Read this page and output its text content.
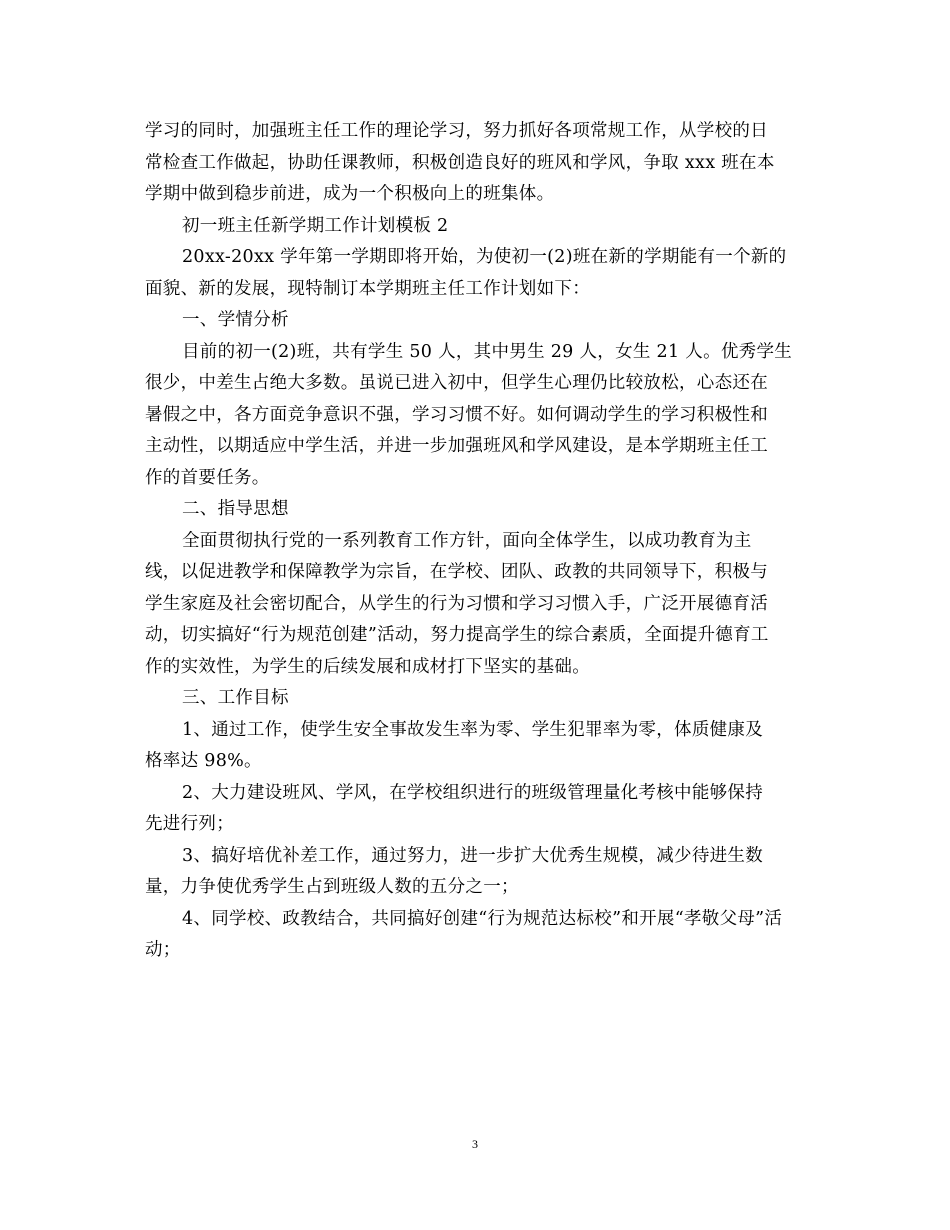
学习的同时，加强班主任工作的理论学习，努力抓好各项常规工作，从学校的日
常检查工作做起，协助任课教师，积极创造良好的班风和学风，争取 xxx 班在本
学期中做到稳步前进，成为一个积极向上的班集体。
初一班主任新学期工作计划模板 2
20xx-20xx 学年第一学期即将开始，为使初一(2)班在新的学期能有一个新的
面貌、新的发展，现特制订本学期班主任工作计划如下：
一、学情分析
目前的初一(2)班，共有学生 50 人，其中男生 29 人，女生 21 人。优秀学生
很少，中差生占绝大多数。虽说已进入初中，但学生心理仍比较放松，心态还在
暑假之中，各方面竞争意识不强，学习习惯不好。如何调动学生的学习积极性和
主动性，以期适应中学生活，并进一步加强班风和学风建设，是本学期班主任工
作的首要任务。
二、指导思想
全面贯彻执行党的一系列教育工作方针，面向全体学生，以成功教育为主
线，以促进教学和保障教学为宗旨，在学校、团队、政教的共同领导下，积极与
学生家庭及社会密切配合，从学生的行为习惯和学习习惯入手，广泛开展德育活
动，切实搞好“行为规范创建”活动，努力提高学生的综合素质，全面提升德育工
作的实效性，为学生的后续发展和成材打下坚实的基础。
三、工作目标
1、通过工作，使学生安全事故发生率为零、学生犯罪率为零，体质健康及
格率达 98%。
2、大力建设班风、学风，在学校组织进行的班级管理量化考核中能够保持
先进行列；
3、搞好培优补差工作，通过努力，进一步扩大优秀生规模，减少待进生数
量，力争使优秀学生占到班级人数的五分之一；
4、同学校、政教结合，共同搞好创建“行为规范达标校”和开展“孝敬父母”活
动；
3
